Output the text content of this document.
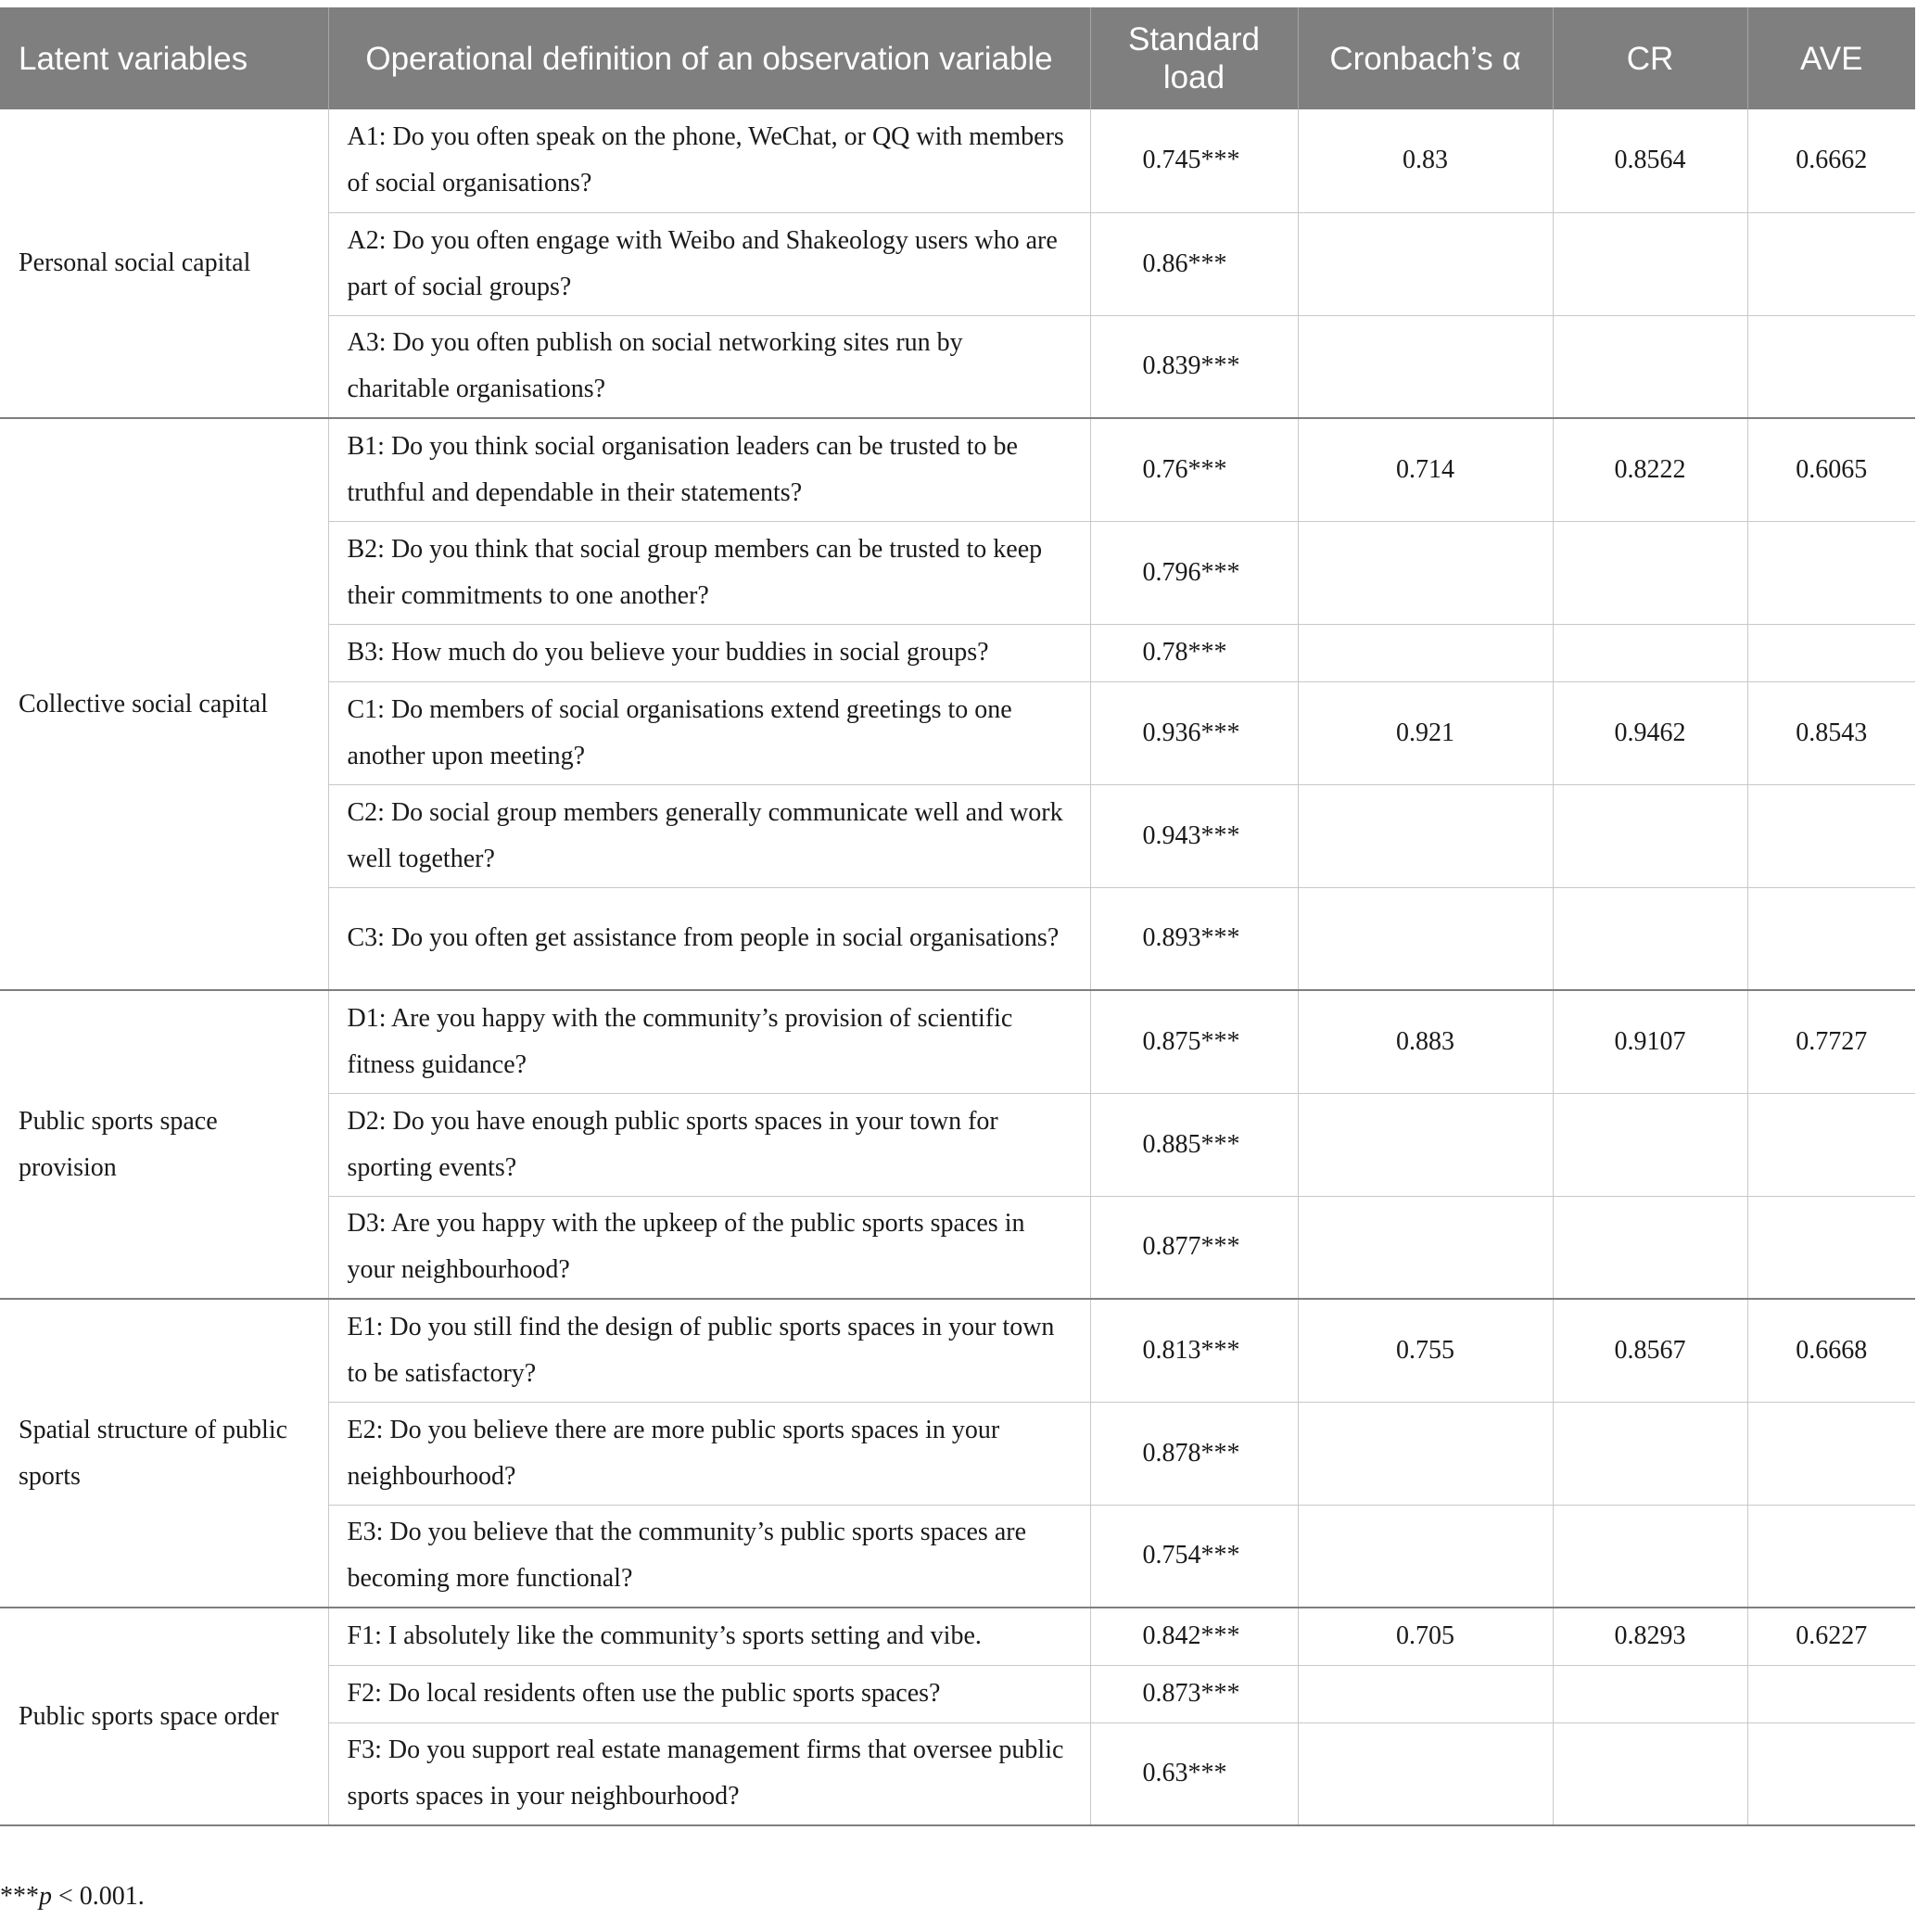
Latent variables	Operational definition of an observation variable	Standard load	Cronbach’s α	CR	AVE
Personal social capital	A1: Do you often speak on the phone, WeChat, or QQ with members of social organisations?	0.745***	0.83	0.8564	0.6662
	A2: Do you often engage with Weibo and Shakeology users who are part of social groups?	0.86***			
	A3: Do you often publish on social networking sites run by charitable organisations?	0.839***			
Collective social capital	B1: Do you think social organisation leaders can be trusted to be truthful and dependable in their statements?	0.76***	0.714	0.8222	0.6065
	B2: Do you think that social group members can be trusted to keep their commitments to one another?	0.796***			
	B3: How much do you believe your buddies in social groups?	0.78***			
	C1: Do members of social organisations extend greetings to one another upon meeting?	0.936***	0.921	0.9462	0.8543
	C2: Do social group members generally communicate well and work well together?	0.943***			
	C3: Do you often get assistance from people in social organisations?	0.893***			
Public sports space provision	D1: Are you happy with the community’s provision of scientific fitness guidance?	0.875***	0.883	0.9107	0.7727
	D2: Do you have enough public sports spaces in your town for sporting events?	0.885***			
	D3: Are you happy with the upkeep of the public sports spaces in your neighbourhood?	0.877***			
Spatial structure of public sports	E1: Do you still find the design of public sports spaces in your town to be satisfactory?	0.813***	0.755	0.8567	0.6668
	E2: Do you believe there are more public sports spaces in your neighbourhood?	0.878***			
	E3: Do you believe that the community’s public sports spaces are becoming more functional?	0.754***			
Public sports space order	F1: I absolutely like the community’s sports setting and vibe.	0.842***	0.705	0.8293	0.6227
	F2: Do local residents often use the public sports spaces?	0.873***			
	F3: Do you support real estate management firms that oversee public sports spaces in your neighbourhood?	0.63***			
***p < 0.001.
